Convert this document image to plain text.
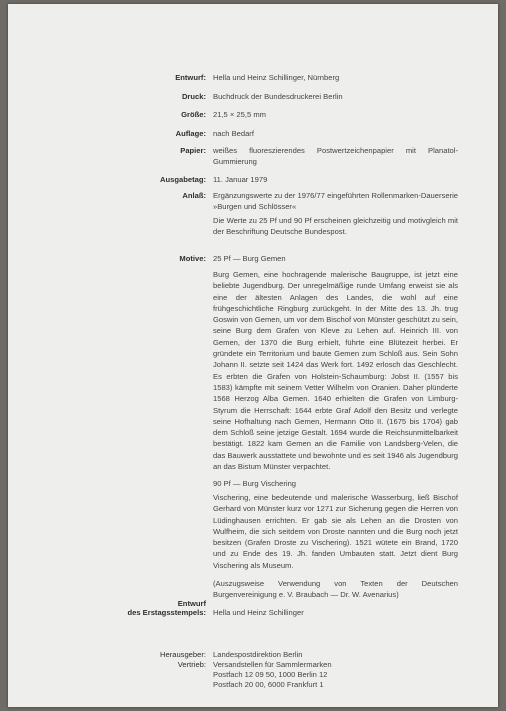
Entwurf: Hella und Heinz Schillinger, Nürnberg
Druck: Buchdruck der Bundesdruckerei Berlin
Größe: 21,5 × 25,5 mm
Auflage: nach Bedarf
Papier: weißes fluoreszierendes Postwertzeichenpapier mit Planatol-Gummierung
Ausgabetag: 11. Januar 1979
Anlaß: Ergänzungswerte zu der 1976/77 eingeführten Rollenmarken-Dauerserie »Burgen und Schlösser«
Die Werte zu 25 Pf und 90 Pf erscheinen gleichzeitig und motivgleich mit der Beschriftung Deutsche Bundespost.
Motive: 25 Pf — Burg Gemen
Burg Gemen, eine hochragende malerische Baugruppe, ist jetzt eine beliebte Jugendburg. Der unregelmäßige runde Umfang erweist sie als eine der ältesten Anlagen des Landes, die wohl auf eine frühgeschichtliche Ringburg zurückgeht. In der Mitte des 13. Jh. trug Goswin von Gemen, um vor dem Bischof von Münster geschützt zu sein, seine Burg dem Grafen von Kleve zu Lehen auf. Heinrich III. von Gemen, der 1370 die Burg erhielt, führte eine Blütezeit herbei. Er gründete ein Territorium und baute Gemen zum Schloß aus. Sein Sohn Johann II. setzte seit 1424 das Werk fort. 1492 erlosch das Geschlecht. Es erbten die Grafen von Holstein-Schaumburg: Jobst II. (1557 bis 1583) kämpfte mit seinem Vetter Wilhelm von Oranien. Daher plünderte 1568 Herzog Alba Gemen. 1640 erhielten die Grafen von Limburg-Styrum die Herrschaft: 1644 erbte Graf Adolf den Besitz und verlegte seine Hofhaltung nach Gemen, Hermann Otto II. (1675 bis 1704) gab dem Schloß seine jetzige Gestalt. 1694 wurde die Reichsunmittelbarkeit bestätigt. 1822 kam Gemen an die Familie von Landsberg-Velen, die das Bauwerk ausstattete und bewohnte und es seit 1946 als Jugendburg an das Bistum Münster verpachtet.
90 Pf — Burg Vischering
Vischering, eine bedeutende und malerische Wasserburg, ließ Bischof Gerhard von Münster kurz vor 1271 zur Sicherung gegen die Herren von Lüdinghausen errichten. Er gab sie als Lehen an die Drosten von Wulfheim, die sich seitdem von Droste nannten und die Burg noch jetzt besitzen (Grafen Droste zu Vischering). 1521 wütete ein Brand, 1720 und zu Ende des 19. Jh. fanden Umbauten statt. Jetzt dient Burg Vischering als Museum.
(Auszugsweise Verwendung von Texten der Deutschen Burgenvereinigung e. V. Braubach — Dr. W. Avenarius)
Entwurf
des Erstagsstempels: Hella und Heinz Schillinger
Herausgeber: Landespostdirektion Berlin
Vertrieb: Versandstellen für Sammlermarken
Postfach 12 09 50, 1000 Berlin 12
Postfach 20 00, 6000 Frankfurt 1
